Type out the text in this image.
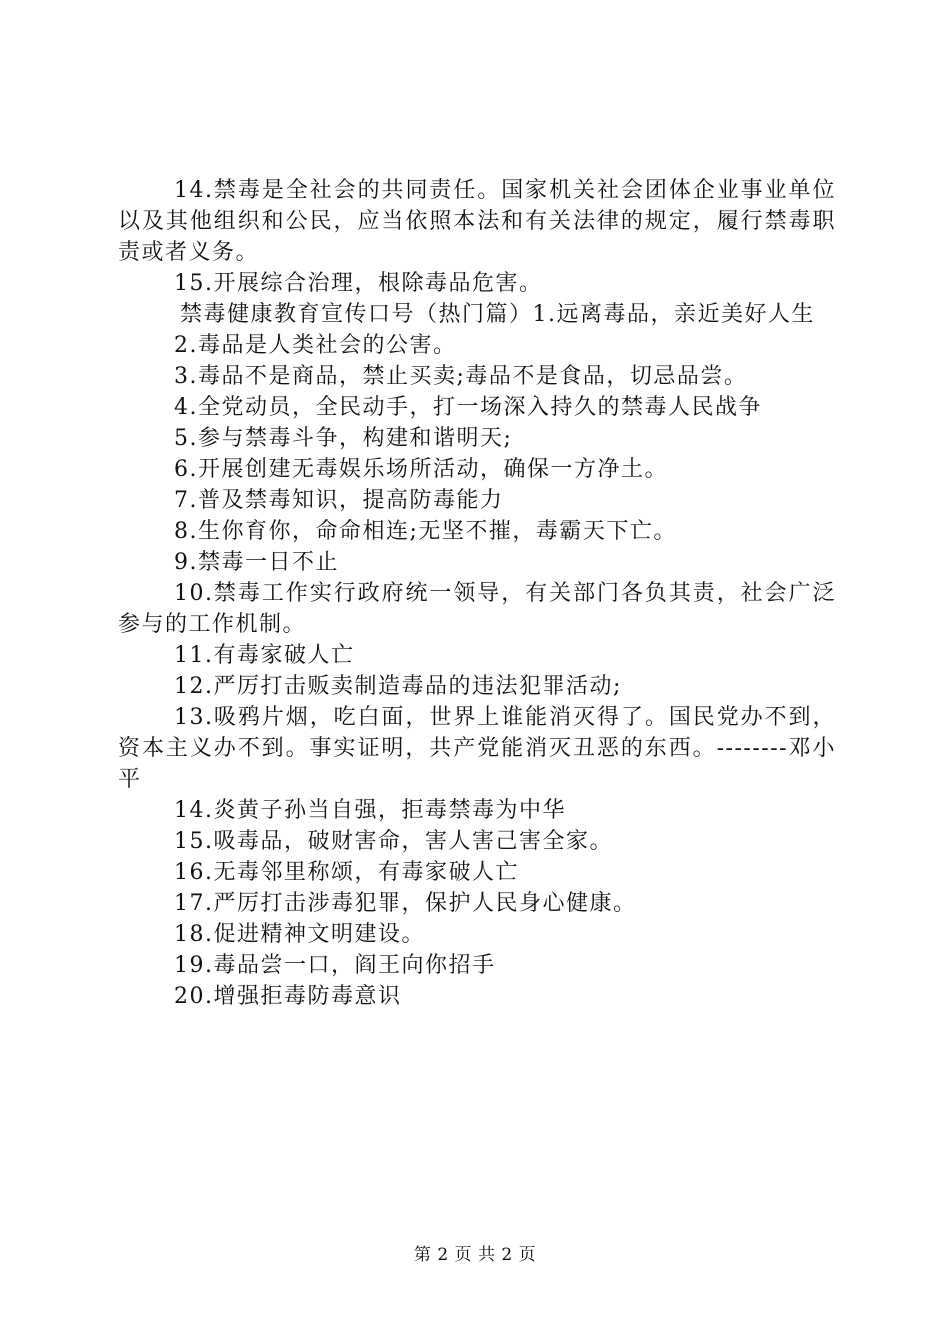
14.禁毒是全社会的共同责任。国家机关社会团体企业事业单位以及其他组织和公民，应当依照本法和有关法律的规定，履行禁毒职责或者义务。

15.开展综合治理，根除毒品危害。

禁毒健康教育宣传口号（热门篇）1.远离毒品，亲近美好人生

2.毒品是人类社会的公害。

3.毒品不是商品，禁止买卖;毒品不是食品，切忌品尝。

4.全党动员，全民动手，打一场深入持久的禁毒人民战争

5.参与禁毒斗争，构建和谐明天;

6.开展创建无毒娱乐场所活动，确保一方净土。

7.普及禁毒知识，提高防毒能力

8.生你育你，命命相连;无坚不摧，毒霸天下亡。

9.禁毒一日不止

10.禁毒工作实行政府统一领导，有关部门各负其责，社会广泛参与的工作机制。

11.有毒家破人亡

12.严厉打击贩卖制造毒品的违法犯罪活动;

13.吸鸦片烟，吃白面，世界上谁能消灭得了。国民党办不到，资本主义办不到。事实证明，共产党能消灭丑恶的东西。--------邓小平

14.炎黄子孙当自强，拒毒禁毒为中华

15.吸毒品，破财害命，害人害己害全家。

16.无毒邻里称颂，有毒家破人亡

17.严厉打击涉毒犯罪，保护人民身心健康。

18.促进精神文明建设。

19.毒品尝一口，阎王向你招手

20.增强拒毒防毒意识

第 2 页 共 2 页
